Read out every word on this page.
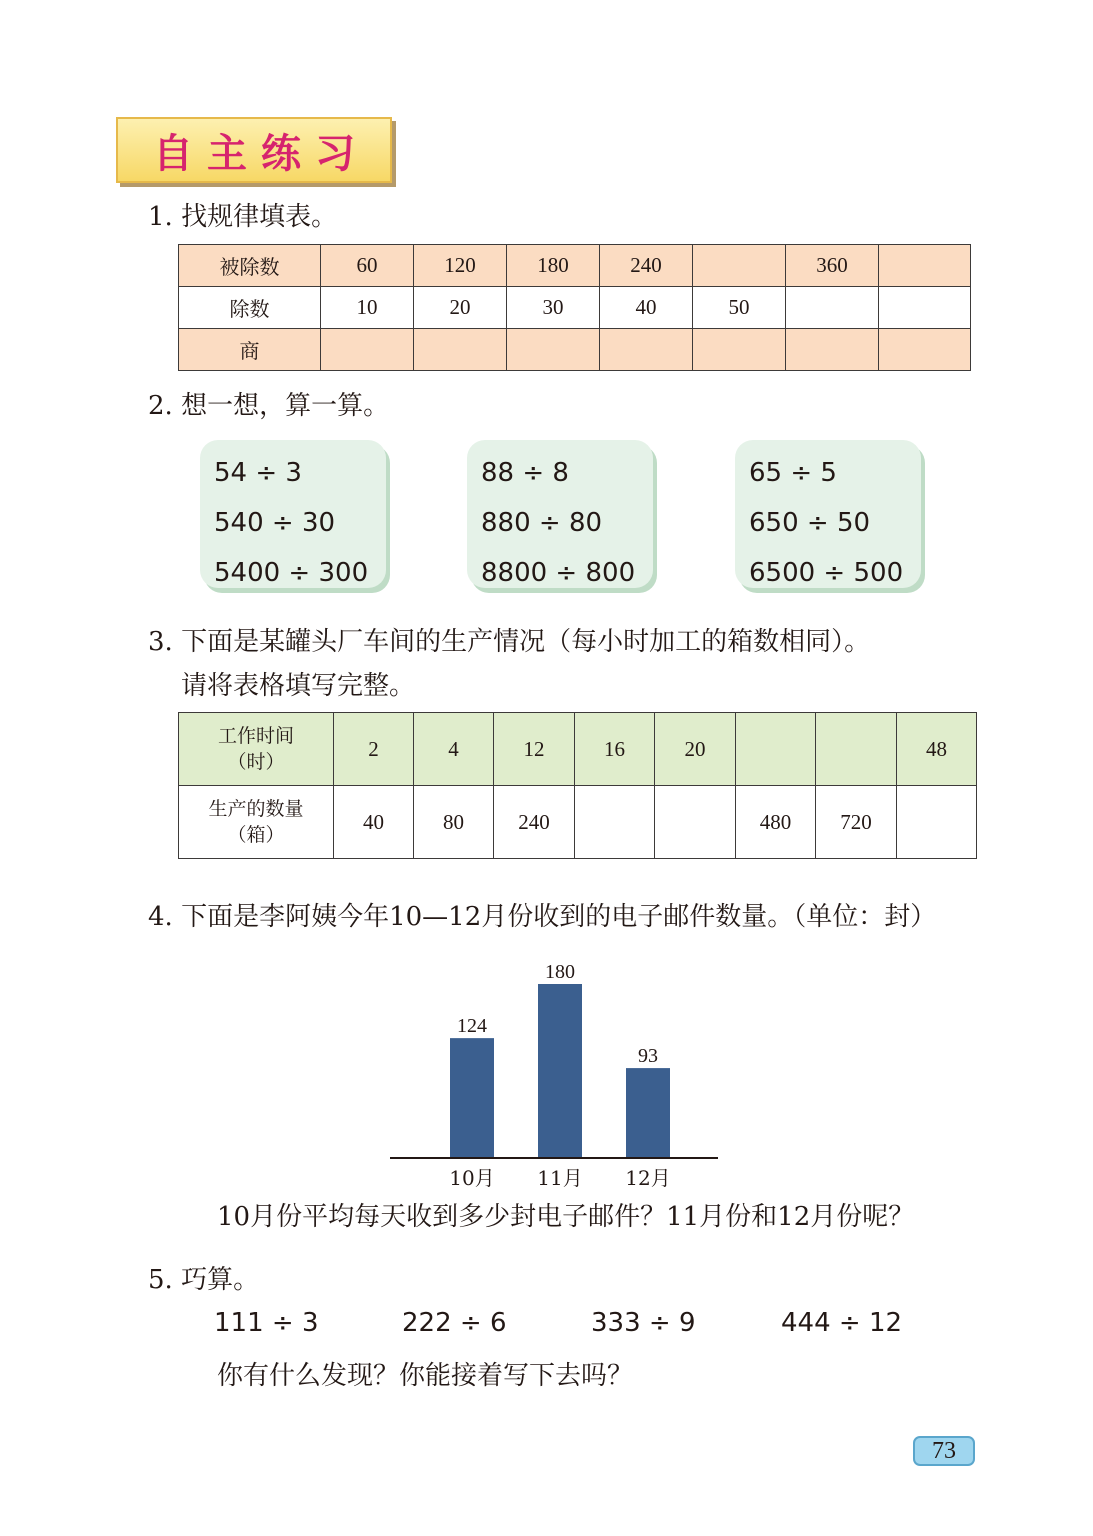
自主练习
1. 找规律填表。
被除数	60	120	180	240		360	
除数	10	20	30	40	50		
商							
2. 想一想，算一算。
54 ÷ 3
540 ÷ 30
5400 ÷ 300
88 ÷ 8
880 ÷ 80
8800 ÷ 800
65 ÷ 5
650 ÷ 50
6500 ÷ 500
3. 下面是某罐头厂车间的生产情况（每小时加工的箱数相同）。
请将表格填写完整。
工作时间
（时）	2	4	12	16	20			48

生产的数量
（箱）	40	80	240			480	720	
4. 下面是李阿姨今年10—12月份收到的电子邮件数量。（单位：封）
124
10月
180
11月
93
12月
10月份平均每天收到多少封电子邮件？11月份和12月份呢？
5. 巧算。
111 ÷ 3	222 ÷ 6	333 ÷ 9	444 ÷ 12
你有什么发现？你能接着写下去吗？
73
